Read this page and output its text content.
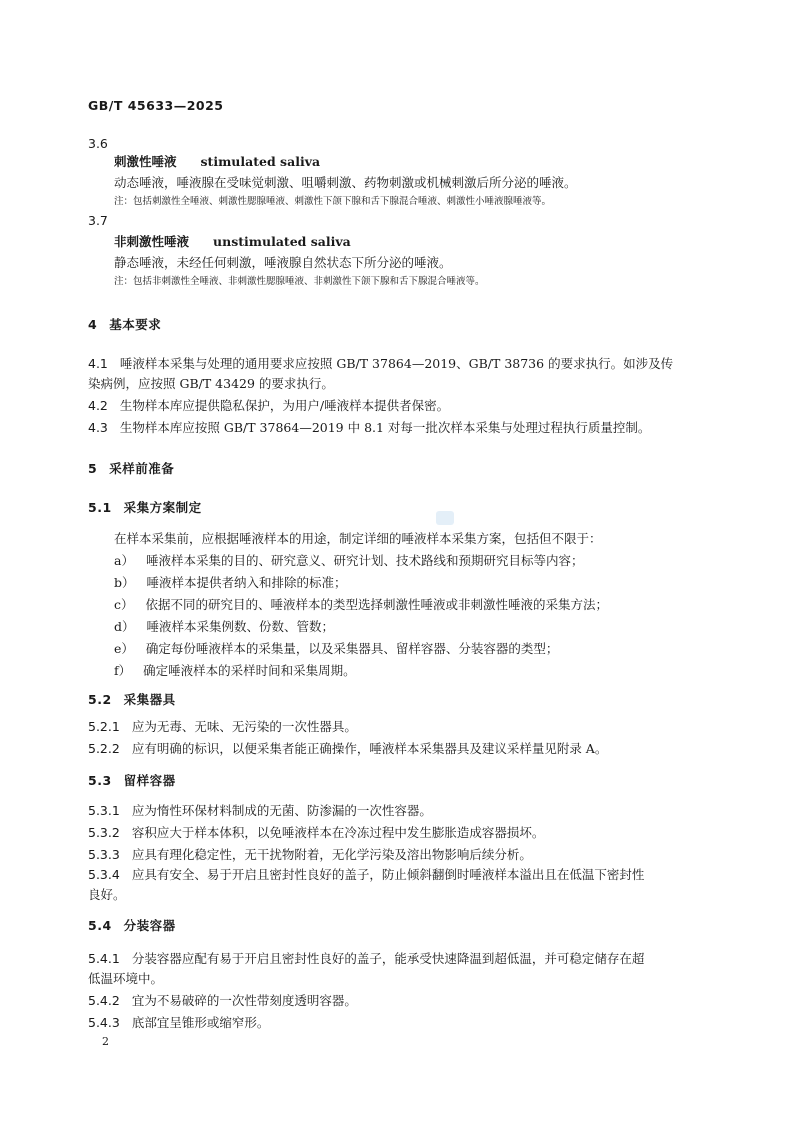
GB/T 45633—2025
3.6
刺激性唾液 stimulated saliva
动态唾液，唾液腺在受味觉刺激、咀嚼刺激、药物刺激或机械刺激后所分泌的唾液。
注：包括刺激性全唾液、刺激性腮腺唾液、刺激性下颌下腺和舌下腺混合唾液、刺激性小唾液腺唾液等。
3.7
非刺激性唾液 unstimulated saliva
静态唾液，未经任何刺激，唾液腺自然状态下所分泌的唾液。
注：包括非刺激性全唾液、非刺激性腮腺唾液、非刺激性下颌下腺和舌下腺混合唾液等。
4 基本要求
4.1 唾液样本采集与处理的通用要求应按照 GB/T 37864—2019、GB/T 38736 的要求执行。如涉及传
染病例，应按照 GB/T 43429 的要求执行。
4.2 生物样本库应提供隐私保护，为用户/唾液样本提供者保密。
4.3 生物样本库应按照 GB/T 37864—2019 中 8.1 对每一批次样本采集与处理过程执行质量控制。
5 采样前准备
5.1 采集方案制定
在样本采集前，应根据唾液样本的用途，制定详细的唾液样本采集方案，包括但不限于：
a） 唾液样本采集的目的、研究意义、研究计划、技术路线和预期研究目标等内容；
b） 唾液样本提供者纳入和排除的标准；
c） 依据不同的研究目的、唾液样本的类型选择刺激性唾液或非刺激性唾液的采集方法；
d） 唾液样本采集例数、份数、管数；
e） 确定每份唾液样本的采集量，以及采集器具、留样容器、分装容器的类型；
f） 确定唾液样本的采样时间和采集周期。
5.2 采集器具
5.2.1 应为无毒、无味、无污染的一次性器具。
5.2.2 应有明确的标识，以便采集者能正确操作，唾液样本采集器具及建议采样量见附录 A。
5.3 留样容器
5.3.1 应为惰性环保材料制成的无菌、防渗漏的一次性容器。
5.3.2 容积应大于样本体积，以免唾液样本在冷冻过程中发生膨胀造成容器损坏。
5.3.3 应具有理化稳定性，无干扰物附着，无化学污染及溶出物影响后续分析。
5.3.4 应具有安全、易于开启且密封性良好的盖子，防止倾斜翻倒时唾液样本溢出且在低温下密封性
良好。
5.4 分装容器
5.4.1 分装容器应配有易于开启且密封性良好的盖子，能承受快速降温到超低温，并可稳定储存在超
低温环境中。
5.4.2 宜为不易破碎的一次性带刻度透明容器。
5.4.3 底部宜呈锥形或缩窄形。
2
